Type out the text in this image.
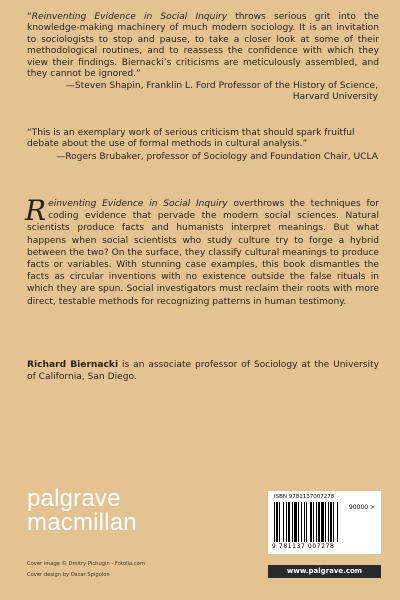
“Reinventing Evidence in Social Inquiry throws serious grit into the knowledge-making machinery of much modern sociology. It is an invitation to sociologists to stop and pause, to take a closer look at some of their methodological routines, and to reassess the confidence with which they view their findings. Biernacki’s criticisms are meticulously assembled, and they cannot be ignored.”
—Steven Shapin, Franklin L. Ford Professor of the History of Science,
Harvard University
“This is an exemplary work of serious criticism that should spark fruitful debate about the use of formal methods in cultural analysis.”
—Rogers Brubaker, professor of Sociology and Foundation Chair, UCLA
Reinventing Evidence in Social Inquiry overthrows the techniques for coding evidence that pervade the modern social sciences. Natural scientists produce facts and humanists interpret meanings. But what happens when social scientists who study culture try to forge a hybrid between the two? On the surface, they classify cultural meanings to produce facts or variables. With stunning case examples, this book dismantles the facts as circular inventions with no existence outside the false rituals in which they are spun. Social investigators must reclaim their roots with more direct, testable methods for recognizing patterns in human testimony.
Richard Biernacki is an associate professor of Sociology at the University of California, San Diego.
palgrave
macmillan
Cover image © Dmitry Pichugin - Fotolia.com
Cover design by Oscar Spigolon
ISBN 9781137007278
90000 >
9 781137 007278
www.palgrave.com
